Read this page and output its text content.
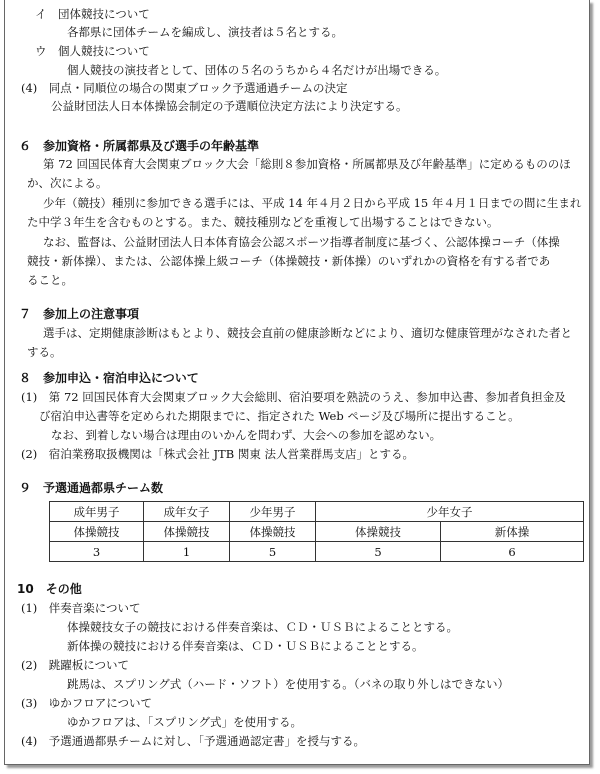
イ　団体競技について
各都県に団体チームを編成し、演技者は５名とする。
ウ　個人競技について
個人競技の演技者として、団体の５名のうちから４名だけが出場できる。
(4)　同点・同順位の場合の関東ブロック予選通過チームの決定
公益財団法人日本体操協会制定の予選順位決定方法により決定する。
６　参加資格・所属都県及び選手の年齢基準
第 72 回国民体育大会関東ブロック大会「総則８参加資格・所属都県及び年齢基準」に定めるもののほ
か、次による。
少年（競技）種別に参加できる選手には、平成 14 年４月２日から平成 15 年４月１日までの間に生まれ
た中学３年生を含むものとする。また、競技種別などを重複して出場することはできない。
なお、監督は、公益財団法人日本体育協会公認スポーツ指導者制度に基づく、公認体操コーチ（体操
競技・新体操）、または、公認体操上級コーチ（体操競技・新体操）のいずれかの資格を有する者であ
ること。
７　参加上の注意事項
選手は、定期健康診断はもとより、競技会直前の健康診断などにより、適切な健康管理がなされた者と
する。
８　参加申込・宿泊申込について
(1)　第 72 回国民体育大会関東ブロック大会総則、宿泊要項を熟読のうえ、参加申込書、参加者負担金及
び宿泊申込書等を定められた期限までに、指定された Web ページ及び場所に提出すること。
なお、到着しない場合は理由のいかんを問わず、大会への参加を認めない。
(2)　宿泊業務取扱機関は「株式会社 JTB 関東 法人営業群馬支店」とする。
９　予選通過都県チーム数
成年男子	成年女子	少年男子	少年女子	
体操競技	体操競技	体操競技	体操競技	新体操
3	1	5	5	6
10　その他
(1)　伴奏音楽について
体操競技女子の競技における伴奏音楽は、ＣＤ・ＵＳＢによることとする。
新体操の競技における伴奏音楽は、ＣＤ・ＵＳＢによることとする。
(2)　跳躍板について
跳馬は、スプリング式（ハード・ソフト）を使用する。（バネの取り外しはできない）
(3)　ゆかフロアについて
ゆかフロアは、「スプリング式」を使用する。
(4)　予選通過都県チームに対し、「予選通過認定書」を授与する。
